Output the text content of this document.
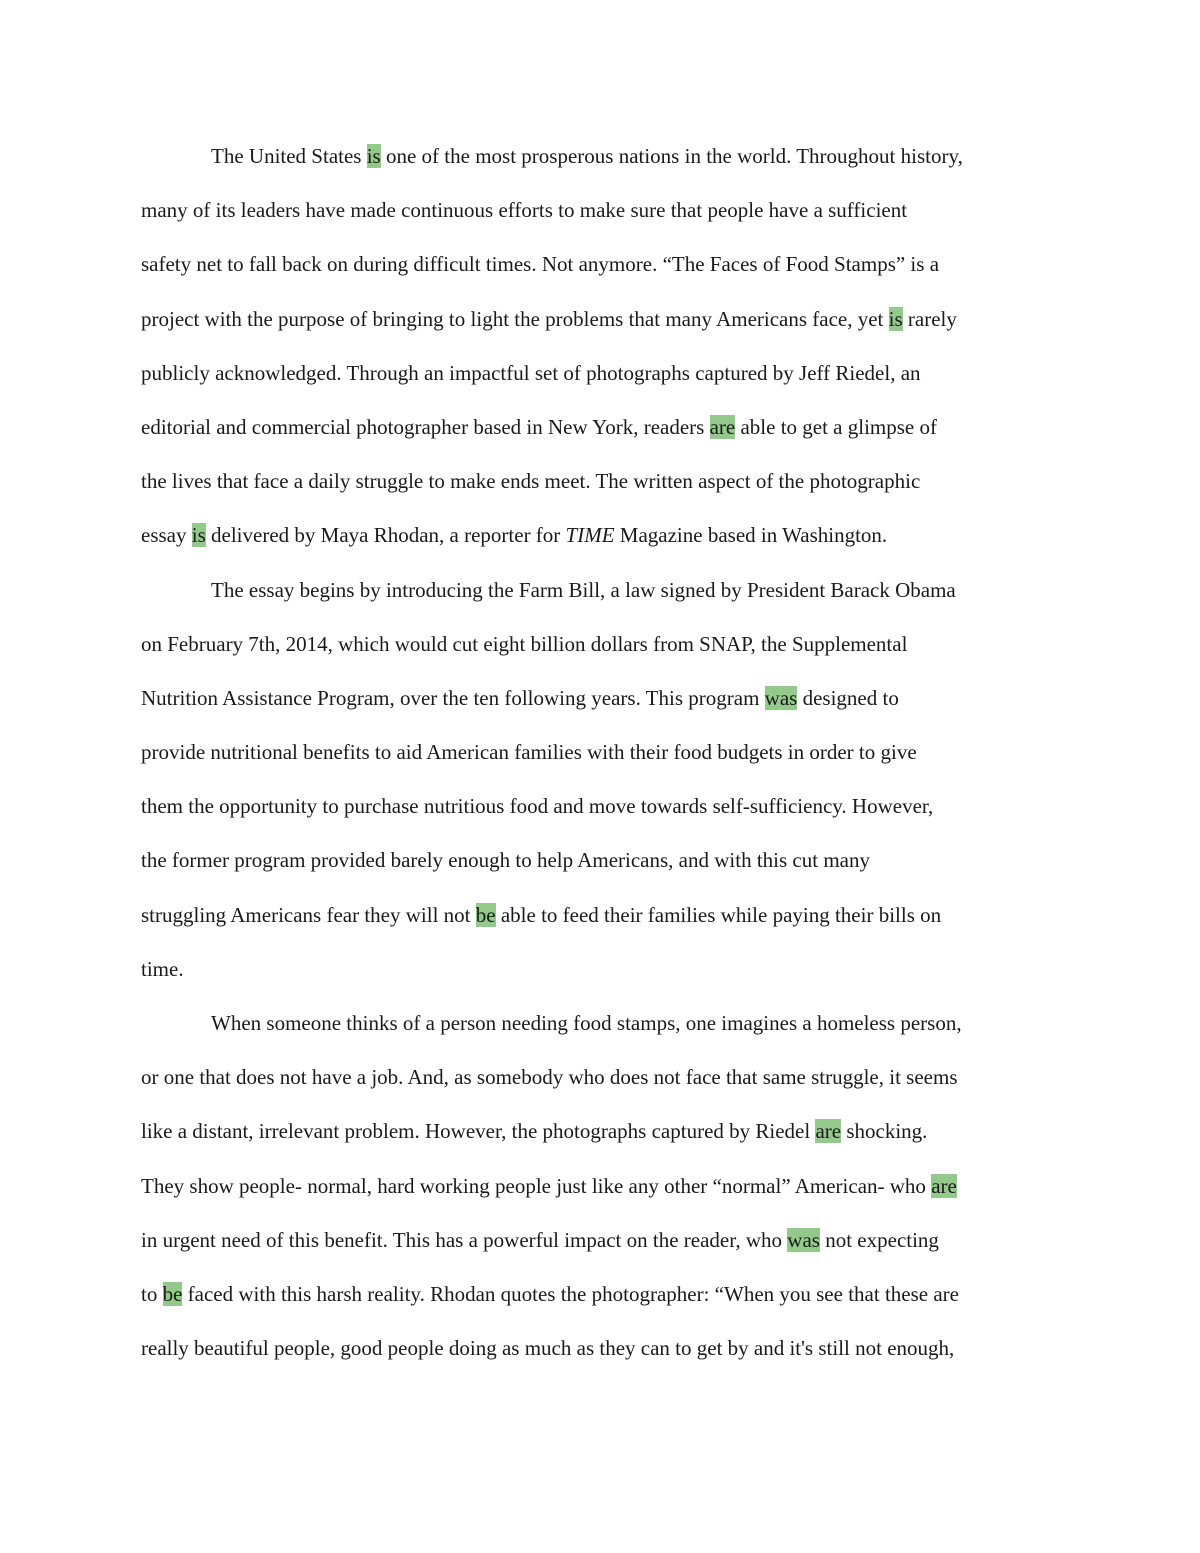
The United States is one of the most prosperous nations in the world. Throughout history,
many of its leaders have made continuous efforts to make sure that people have a sufficient
safety net to fall back on during difficult times. Not anymore. “The Faces of Food Stamps” is a
project with the purpose of bringing to light the problems that many Americans face, yet is rarely
publicly acknowledged. Through an impactful set of photographs captured by Jeff Riedel, an
editorial and commercial photographer based in New York, readers are able to get a glimpse of
the lives that face a daily struggle to make ends meet. The written aspect of the photographic
essay is delivered by Maya Rhodan, a reporter for TIME Magazine based in Washington.
The essay begins by introducing the Farm Bill, a law signed by President Barack Obama
on February 7th, 2014, which would cut eight billion dollars from SNAP, the Supplemental
Nutrition Assistance Program, over the ten following years. This program was designed to
provide nutritional benefits to aid American families with their food budgets in order to give
them the opportunity to purchase nutritious food and move towards self-sufficiency. However,
the former program provided barely enough to help Americans, and with this cut many
struggling Americans fear they will not be able to feed their families while paying their bills on
time.
When someone thinks of a person needing food stamps, one imagines a homeless person,
or one that does not have a job. And, as somebody who does not face that same struggle, it seems
like a distant, irrelevant problem. However, the photographs captured by Riedel are shocking.
They show people- normal, hard working people just like any other “normal” American- who are
in urgent need of this benefit. This has a powerful impact on the reader, who was not expecting
to be faced with this harsh reality. Rhodan quotes the photographer: “When you see that these are
really beautiful people, good people doing as much as they can to get by and it's still not enough,
